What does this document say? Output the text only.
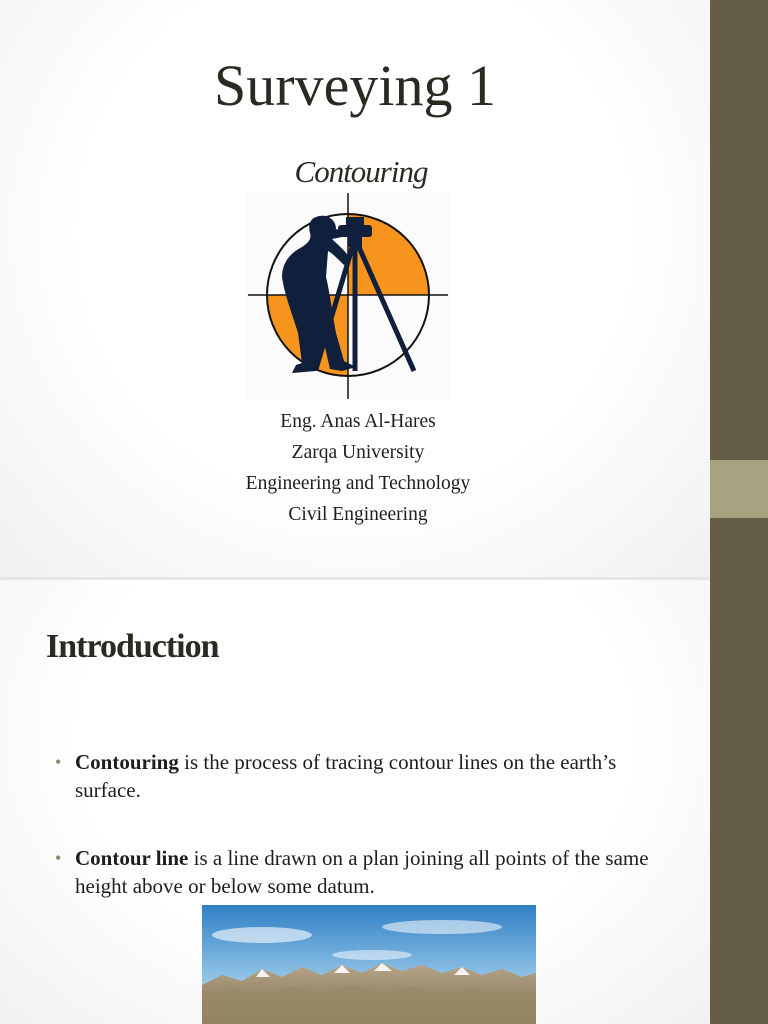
Surveying 1
Contouring
Eng. Anas Al-Hares
Zarqa University
Engineering and Technology
Civil Engineering
Introduction
• Contouring is the process of tracing contour lines on the earth’s surface.
• Contour line is a line drawn on a plan joining all points of the same height above or below some datum.
